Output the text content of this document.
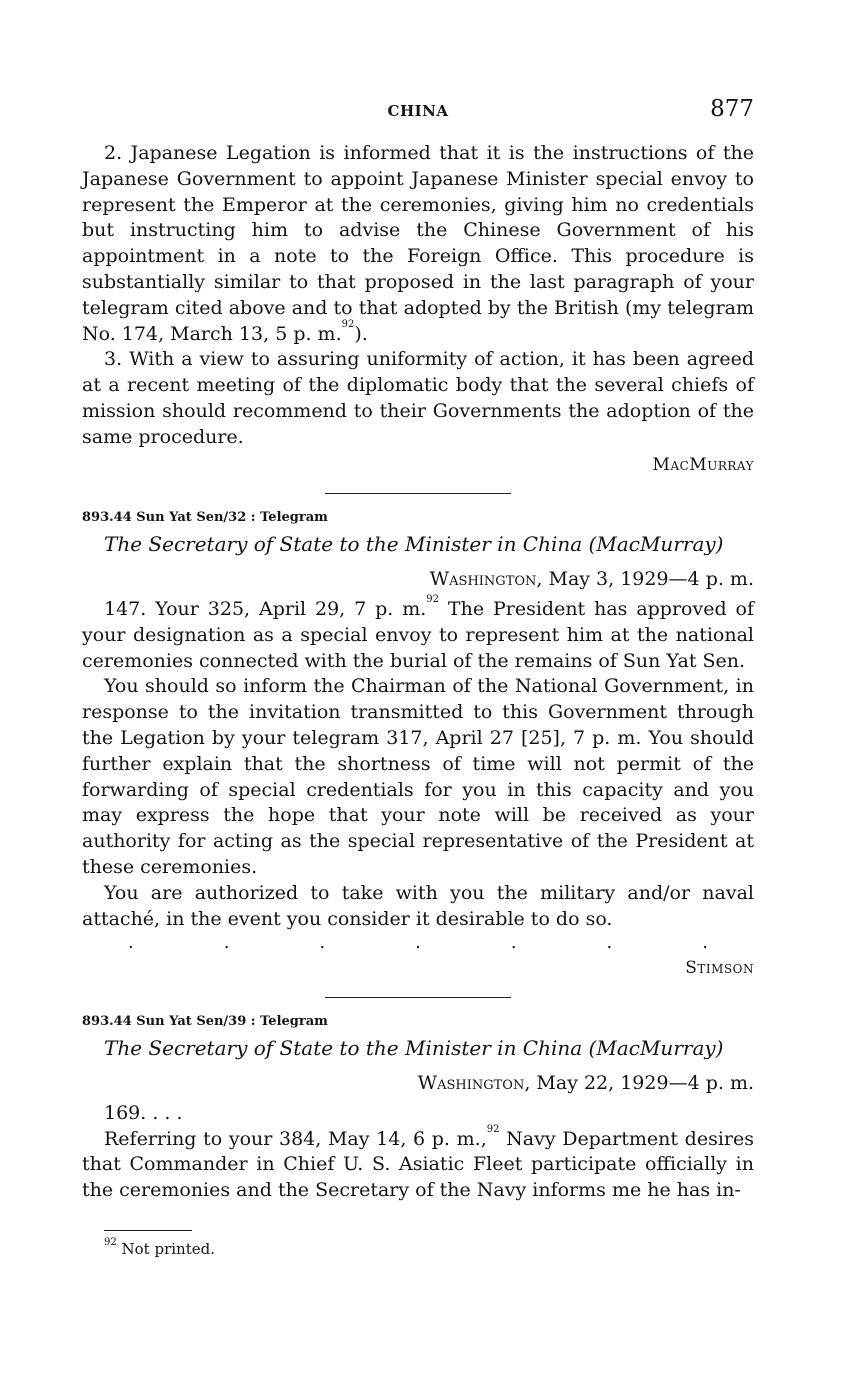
CHINA	877

2. Japanese Legation is informed that it is the instructions of the Japanese Government to appoint Japanese Minister special envoy to represent the Emperor at the ceremonies, giving him no credentials but instructing him to advise the Chinese Government of his appointment in a note to the Foreign Office. This procedure is substantially similar to that proposed in the last paragraph of your telegram cited above and to that adopted by the British (my telegram No. 174, March 13, 5 p. m.$^{92}$).

3. With a view to assuring uniformity of action, it has been agreed at a recent meeting of the diplomatic body that the several chiefs of mission should recommend to their Governments the adoption of the same procedure.

MacMurray

893.44 Sun Yat Sen/32 : Telegram

The Secretary of State to the Minister in China (MacMurray)

Washington, May 3, 1929—4 p. m.

147. Your 325, April 29, 7 p. m.$^{92}$ The President has approved of your designation as a special envoy to represent him at the national ceremonies connected with the burial of the remains of Sun Yat Sen.

You should so inform the Chairman of the National Government, in response to the invitation transmitted to this Government through the Legation by your telegram 317, April 27 [25], 7 p. m. You should further explain that the shortness of time will not permit of the forwarding of special credentials for you in this capacity and you may express the hope that your note will be received as your authority for acting as the special representative of the President at these ceremonies.

You are authorized to take with you the military and/or naval attaché, in the event you consider it desirable to do so.

.	.	.	.	.	.	.

Stimson

893.44 Sun Yat Sen/39 : Telegram

The Secretary of State to the Minister in China (MacMurray)

Washington, May 22, 1929—4 p. m.

169. . . .

Referring to your 384, May 14, 6 p. m.,$^{92}$ Navy Department desires that Commander in Chief U. S. Asiatic Fleet participate officially in the ceremonies and the Secretary of the Navy informs me he has in-

$^{92}$ Not printed.
